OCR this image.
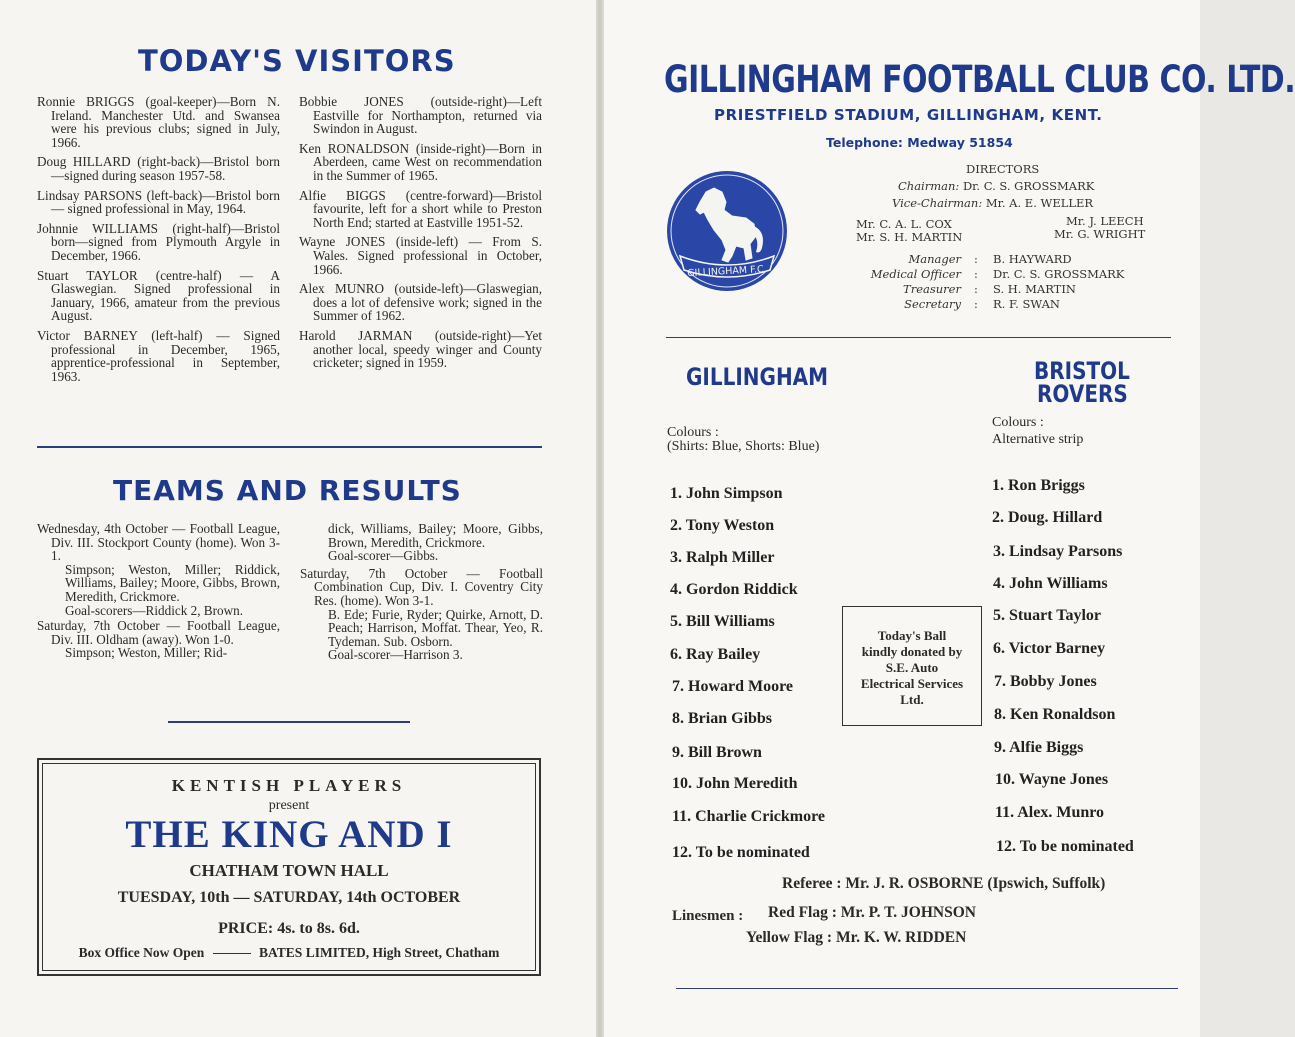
TODAY'S VISITORS

Ronnie BRIGGS (goal-keeper)—Born N. Ireland. Manchester Utd. and Swansea were his previous clubs; signed in July, 1966.

Doug HILLARD (right-back)—Bristol born—signed during season 1957-58.

Lindsay PARSONS (left-back)—Bristol born — signed professional in May, 1964.

Johnnie WILLIAMS (right-half)—Bristol born—signed from Plymouth Argyle in December, 1966.

Stuart TAYLOR (centre-half) — A Glaswegian. Signed professional in January, 1966, amateur from the previous August.

Victor BARNEY (left-half) — Signed professional in December, 1965, apprentice-professional in September, 1963.

Bobbie JONES (outside-right)—Left Eastville for Northampton, returned via Swindon in August.

Ken RONALDSON (inside-right)—Born in Aberdeen, came West on recommendation in the Summer of 1965.

Alfie BIGGS (centre-forward)—Bristol favourite, left for a short while to Preston North End; started at Eastville 1951-52.

Wayne JONES (inside-left) — From S. Wales. Signed professional in October, 1966.

Alex MUNRO (outside-left)—Glaswegian, does a lot of defensive work; signed in the Summer of 1962.

Harold JARMAN (outside-right)—Yet another local, speedy winger and County cricketer; signed in 1959.

TEAMS AND RESULTS

Wednesday, 4th October — Football League, Div. III. Stockport County (home). Won 3-1.

Simpson; Weston, Miller; Riddick, Williams, Bailey; Moore, Gibbs, Brown, Meredith, Crickmore.

Goal-scorers—Riddick 2, Brown.

Saturday, 7th October — Football League, Div. III. Oldham (away). Won 1-0.

Simpson; Weston, Miller; Rid-

dick, Williams, Bailey; Moore, Gibbs, Brown, Meredith, Crickmore.

Goal-scorer—Gibbs.

Saturday, 7th October — Football Combination Cup, Div. I. Coventry City Res. (home). Won 3-1.

B. Ede; Furie, Ryder; Quirke, Arnott, D. Peach; Harrison, Moffat. Thear, Yeo, R. Tydeman. Sub. Osborn.

Goal-scorer—Harrison 3.

KENTISH PLAYERS
present
THE KING AND I
CHATHAM TOWN HALL
TUESDAY, 10th — SATURDAY, 14th OCTOBER
PRICE: 4s. to 8s. 6d.
Box Office Now Open	BATES LIMITED, High Street, Chatham
GILLINGHAM FOOTBALL CLUB CO. LTD.
PRIESTFIELD STADIUM, GILLINGHAM, KENT.
Telephone: Medway 51854
GILLINGHAM F.C.
DIRECTORS
Chairman: Dr. C. S. GROSSMARK
Vice-Chairman: Mr. A. E. WELLER
Mr. C. A. L. COX
Mr. S. H. MARTIN
Mr. J. LEECH
Mr. G. WRIGHT
Manager : B. HAYWARD
Medical Officer : Dr. C. S. GROSSMARK
Treasurer : S. H. MARTIN
Secretary : R. F. SWAN
GILLINGHAM	BRISTOL
ROVERS
Colours :
(Shirts: Blue, Shorts: Blue)
Colours :
Alternative strip
1. John Simpson
2. Tony Weston
3. Ralph Miller
4. Gordon Riddick
5. Bill Williams
6. Ray Bailey
7. Howard Moore
8. Brian Gibbs
9. Bill Brown
10. John Meredith
11. Charlie Crickmore
12. To be nominated
1. Ron Briggs
2. Doug. Hillard
3. Lindsay Parsons
4. John Williams
5. Stuart Taylor
6. Victor Barney
7. Bobby Jones
8. Ken Ronaldson
9. Alfie Biggs
10. Wayne Jones
11. Alex. Munro
12. To be nominated
Today's Ball
kindly donated by
S.E. Auto
Electrical Services
Ltd.
Referee : Mr. J. R. OSBORNE (Ipswich, Suffolk)
Linesmen : Red Flag : Mr. P. T. JOHNSON
Yellow Flag : Mr. K. W. RIDDEN
